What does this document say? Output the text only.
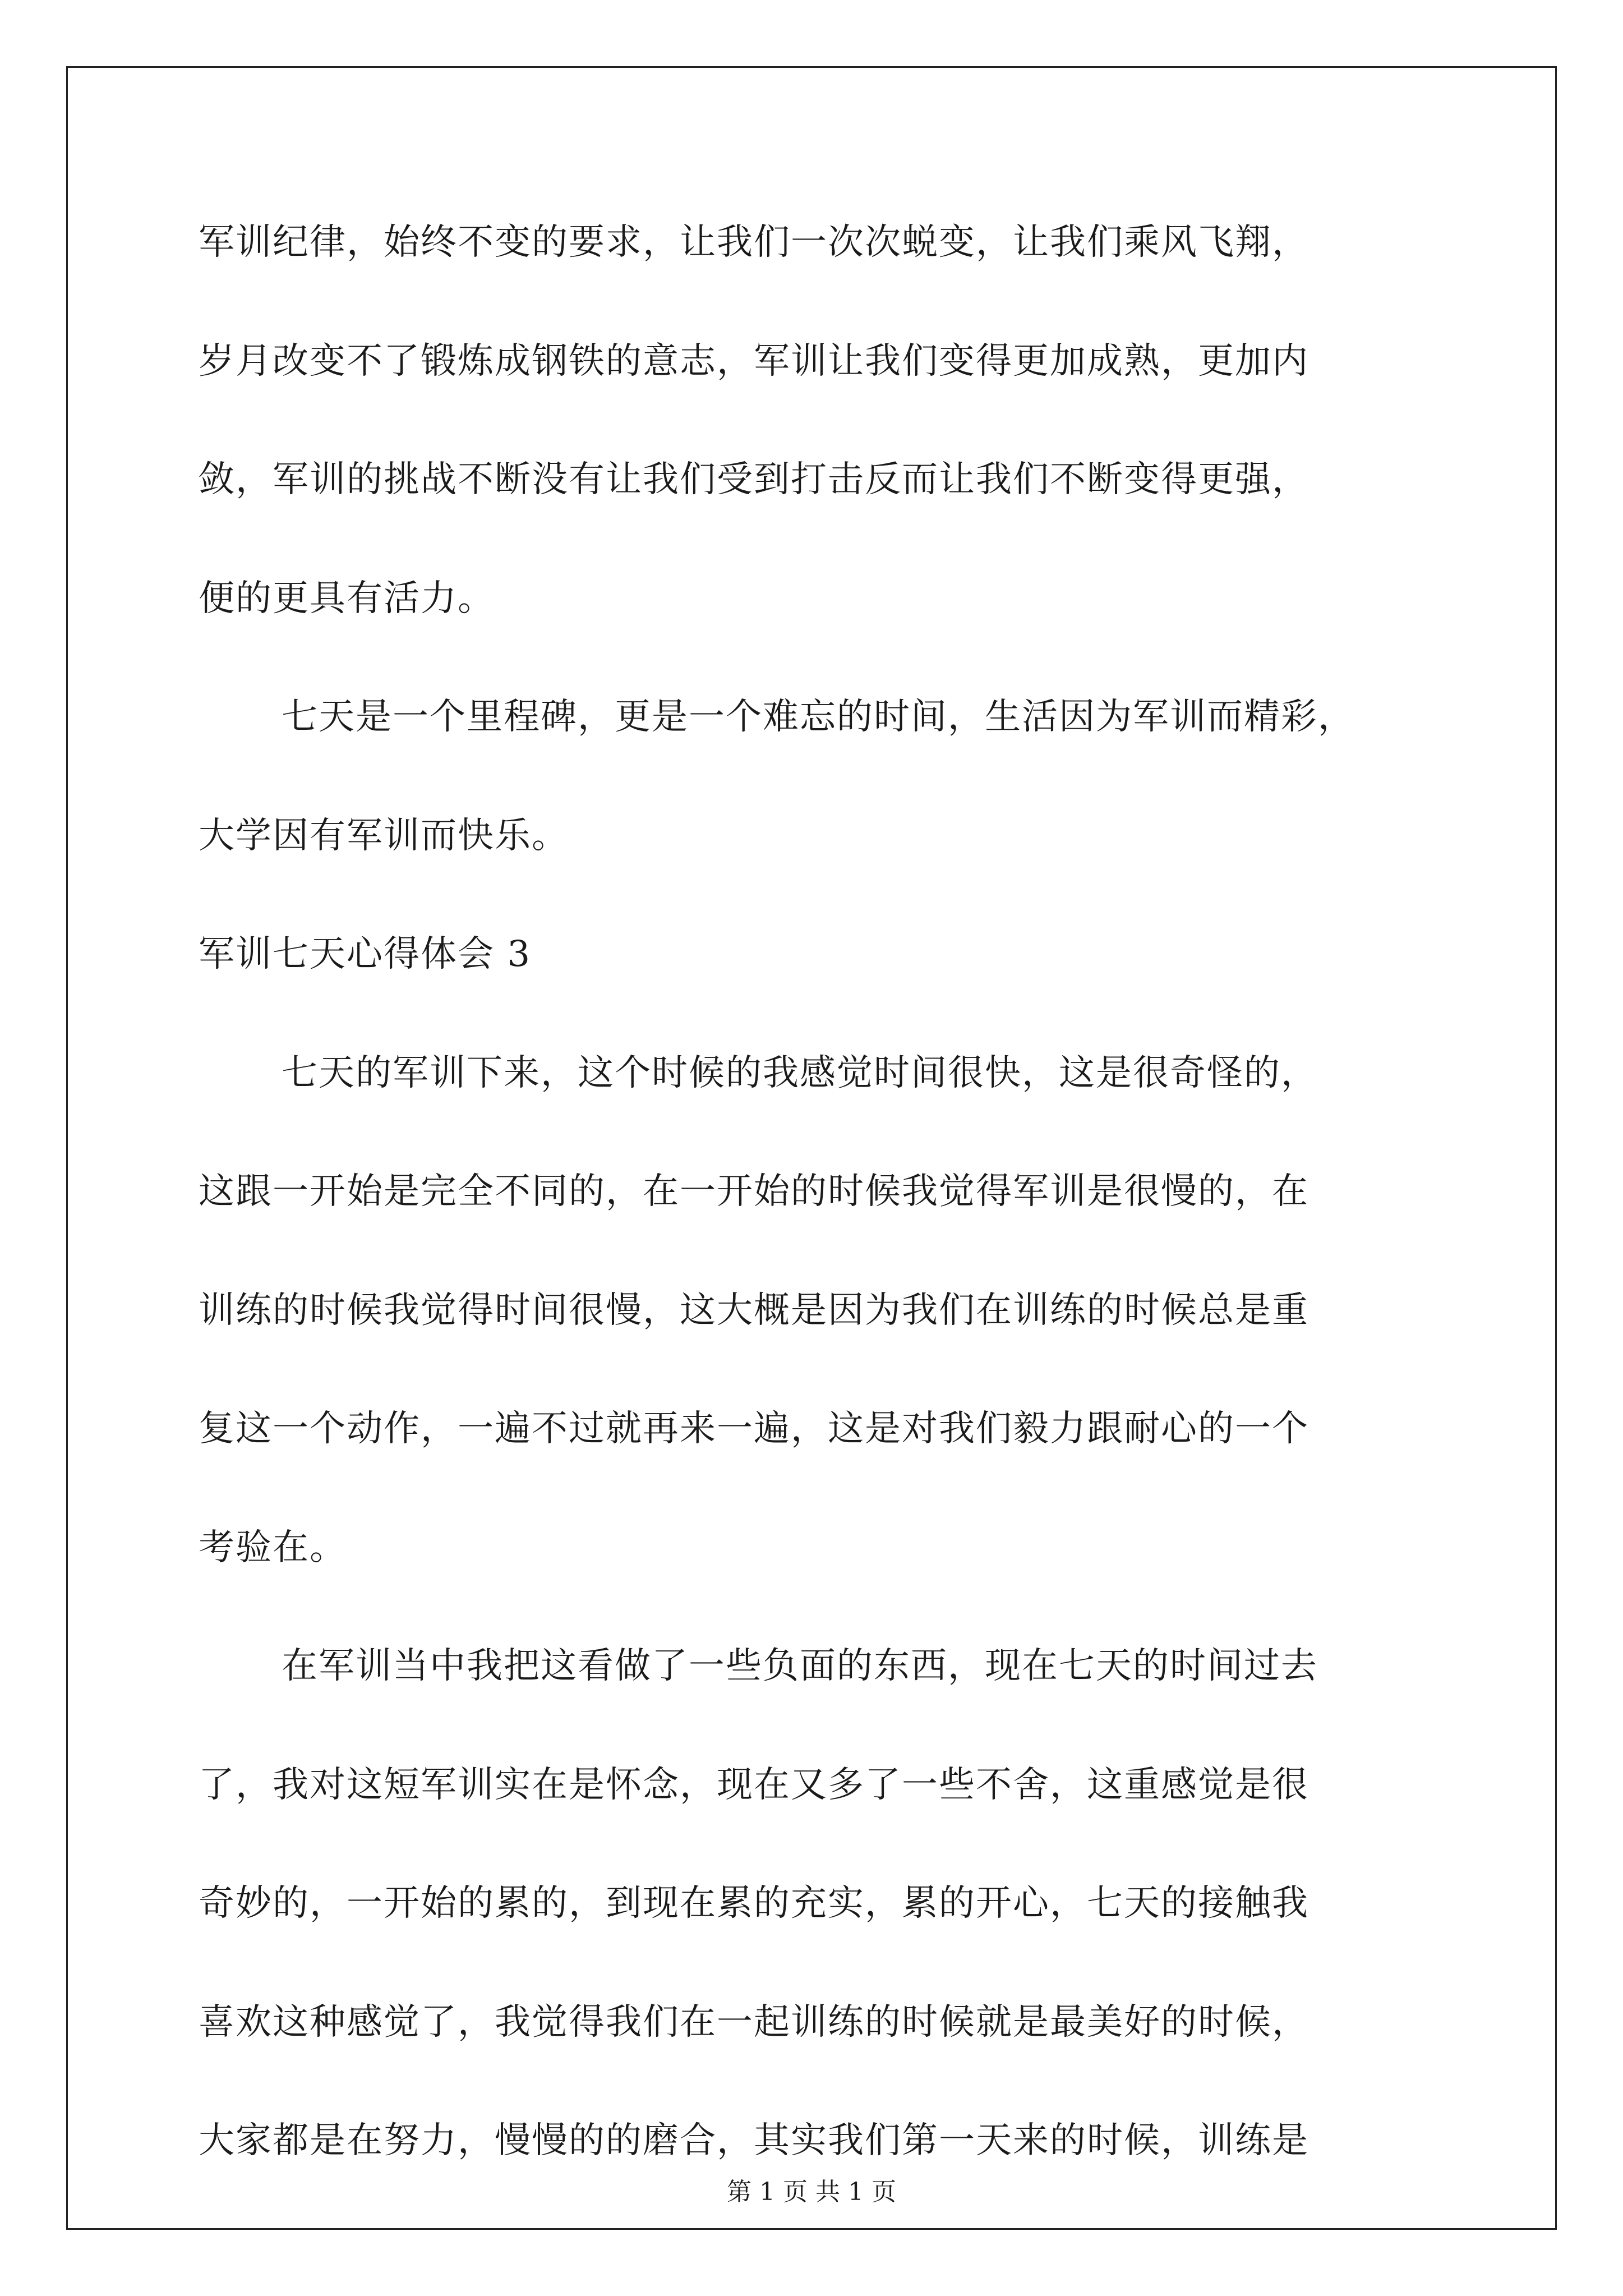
军训纪律，始终不变的要求，让我们一次次蜕变，让我们乘风飞翔，

岁月改变不了锻炼成钢铁的意志，军训让我们变得更加成熟，更加内

敛，军训的挑战不断没有让我们受到打击反而让我们不断变得更强，

便的更具有活力。

七天是一个里程碑，更是一个难忘的时间，生活因为军训而精彩，

大学因有军训而快乐。

军训七天心得体会 3

七天的军训下来，这个时候的我感觉时间很快，这是很奇怪的，

这跟一开始是完全不同的，在一开始的时候我觉得军训是很慢的，在

训练的时候我觉得时间很慢，这大概是因为我们在训练的时候总是重

复这一个动作，一遍不过就再来一遍，这是对我们毅力跟耐心的一个

考验在。

在军训当中我把这看做了一些负面的东西，现在七天的时间过去

了，我对这短军训实在是怀念，现在又多了一些不舍，这重感觉是很

奇妙的，一开始的累的，到现在累的充实，累的开心，七天的接触我

喜欢这种感觉了，我觉得我们在一起训练的时候就是最美好的时候，

大家都是在努力，慢慢的的磨合，其实我们第一天来的时候，训练是

第 1 页 共 1 页
